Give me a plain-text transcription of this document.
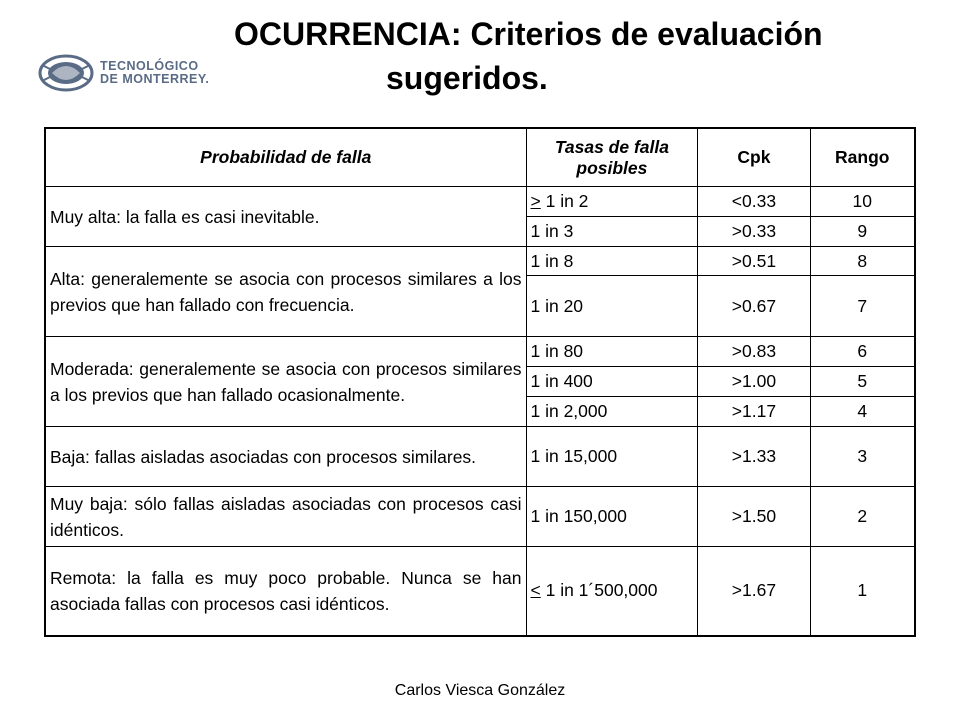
TECNOLÓGICO
DE MONTERREY.
OCURRENCIA: Criterios de evaluación
sugeridos.
Probabilidad de falla	Tasas de falla posibles	Cpk	Rango
Muy alta: la falla es casi inevitable.	> 1 in 2	<0.33	10
	1 in 3	>0.33	9
Alta: generalemente se asocia con procesos similares a los previos que han fallado con frecuencia.	1 in 8	>0.51	8
	1 in 20	>0.67	7
Moderada: generalemente se asocia con procesos similares a los previos que han fallado ocasionalmente.	1 in 80	>0.83	6
	1 in 400	>1.00	5
	1 in 2,000	>1.17	4
Baja: fallas aisladas asociadas con procesos similares.	1 in 15,000	>1.33	3
Muy baja: sólo fallas aisladas asociadas con procesos casi idénticos.	1 in 150,000	>1.50	2
Remota: la falla es muy poco probable. Nunca se han asociada fallas con procesos casi idénticos.	< 1 in 1´500,000	>1.67	1
Carlos Viesca González
